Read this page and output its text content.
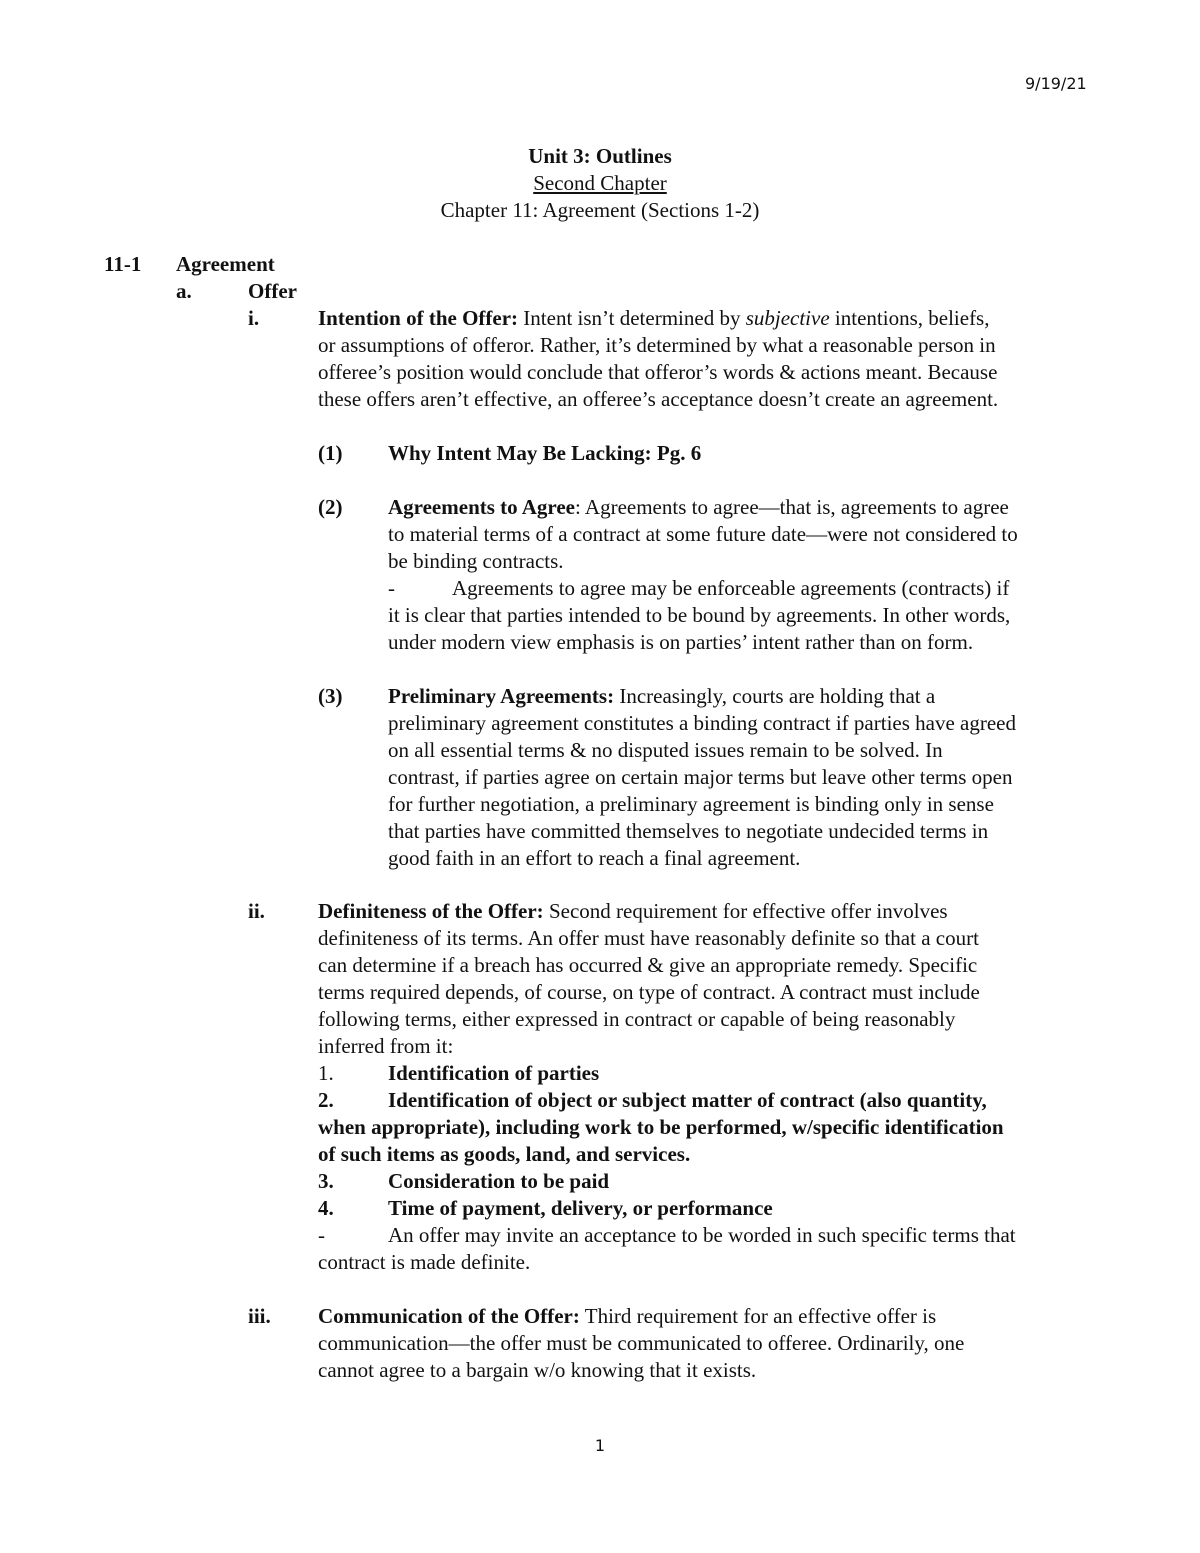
9/19/21
Unit 3: Outlines
Second Chapter
Chapter 11: Agreement (Sections 1-2)
11-1 Agreement
a.	Offer
i.	Intention of the Offer: Intent isn’t determined by subjective intentions, beliefs,
or assumptions of offeror. Rather, it’s determined by what a reasonable person in
offeree’s position would conclude that offeror’s words & actions meant. Because
these offers aren’t effective, an offeree’s acceptance doesn’t create an agreement.
(1) Why Intent May Be Lacking: Pg. 6
(2) Agreements to Agree: Agreements to agree—that is, agreements to agree
to material terms of a contract at some future date—were not considered to
be binding contracts.
-	Agreements to agree may be enforceable agreements (contracts) if
it is clear that parties intended to be bound by agreements. In other words,
under modern view emphasis is on parties’ intent rather than on form.
(3) Preliminary Agreements: Increasingly, courts are holding that a
preliminary agreement constitutes a binding contract if parties have agreed
on all essential terms & no disputed issues remain to be solved. In
contrast, if parties agree on certain major terms but leave other terms open
for further negotiation, a preliminary agreement is binding only in sense
that parties have committed themselves to negotiate undecided terms in
good faith in an effort to reach a final agreement.
ii.	Definiteness of the Offer: Second requirement for effective offer involves
definiteness of its terms. An offer must have reasonably definite so that a court
can determine if a breach has occurred & give an appropriate remedy. Specific
terms required depends, of course, on type of contract. A contract must include
following terms, either expressed in contract or capable of being reasonably
inferred from it:
1.	Identification of parties
2.	Identification of object or subject matter of contract (also quantity,
when appropriate), including work to be performed, w/specific identification
of such items as goods, land, and services.
3.	Consideration to be paid
4.	Time of payment, delivery, or performance
-	An offer may invite an acceptance to be worded in such specific terms that
contract is made definite.
iii. Communication of the Offer: Third requirement for an effective offer is
communication—the offer must be communicated to offeree. Ordinarily, one
cannot agree to a bargain w/o knowing that it exists.
1
